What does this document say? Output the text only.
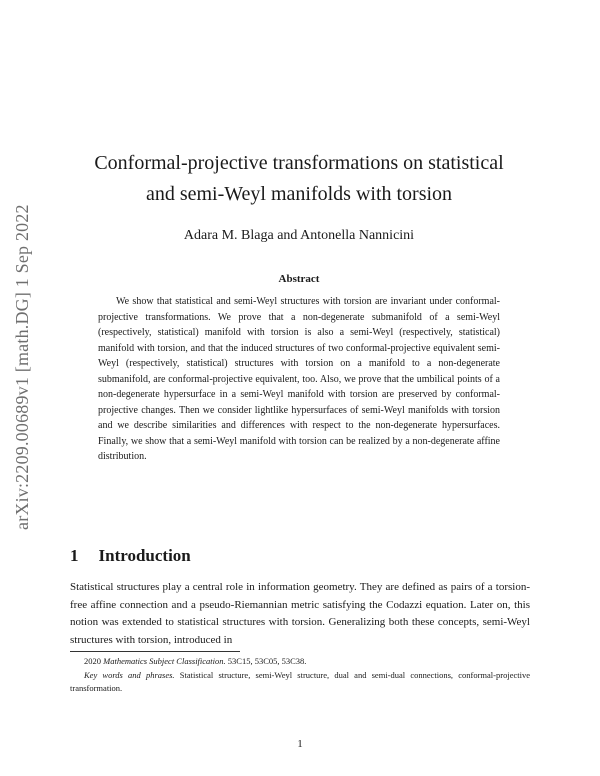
arXiv:2209.00689v1 [math.DG] 1 Sep 2022
Conformal-projective transformations on statistical
and semi-Weyl manifolds with torsion
Adara M. Blaga and Antonella Nannicini
Abstract

We show that statistical and semi-Weyl structures with torsion are invariant under conformal-projective transformations. We prove that a non-degenerate submanifold of a semi-Weyl (respectively, statistical) manifold with torsion is also a semi-Weyl (respectively, statistical) manifold with torsion, and that the induced structures of two conformal-projective equivalent semi-Weyl (respectively, statistical) structures with torsion on a manifold to a non-degenerate submanifold, are conformal-projective equivalent, too. Also, we prove that the umbilical points of a non-degenerate hypersurface in a semi-Weyl manifold with torsion are preserved by conformal-projective changes. Then we consider lightlike hypersurfaces of semi-Weyl manifolds with torsion and we describe similarities and differences with respect to the non-degenerate hypersurfaces. Finally, we show that a semi-Weyl manifold with torsion can be realized by a non-degenerate affine distribution.

1 Introduction

Statistical structures play a central role in information geometry. They are defined as pairs of a torsion-free affine connection and a pseudo-Riemannian metric satisfying the Codazzi equation. Later on, this notion was extended to statistical structures with torsion. Generalizing both these concepts, semi-Weyl structures with torsion, introduced in

2020 Mathematics Subject Classification. 53C15, 53C05, 53C38.

Key words and phrases. Statistical structure, semi-Weyl structure, dual and semi-dual connections, conformal-projective transformation.

1
